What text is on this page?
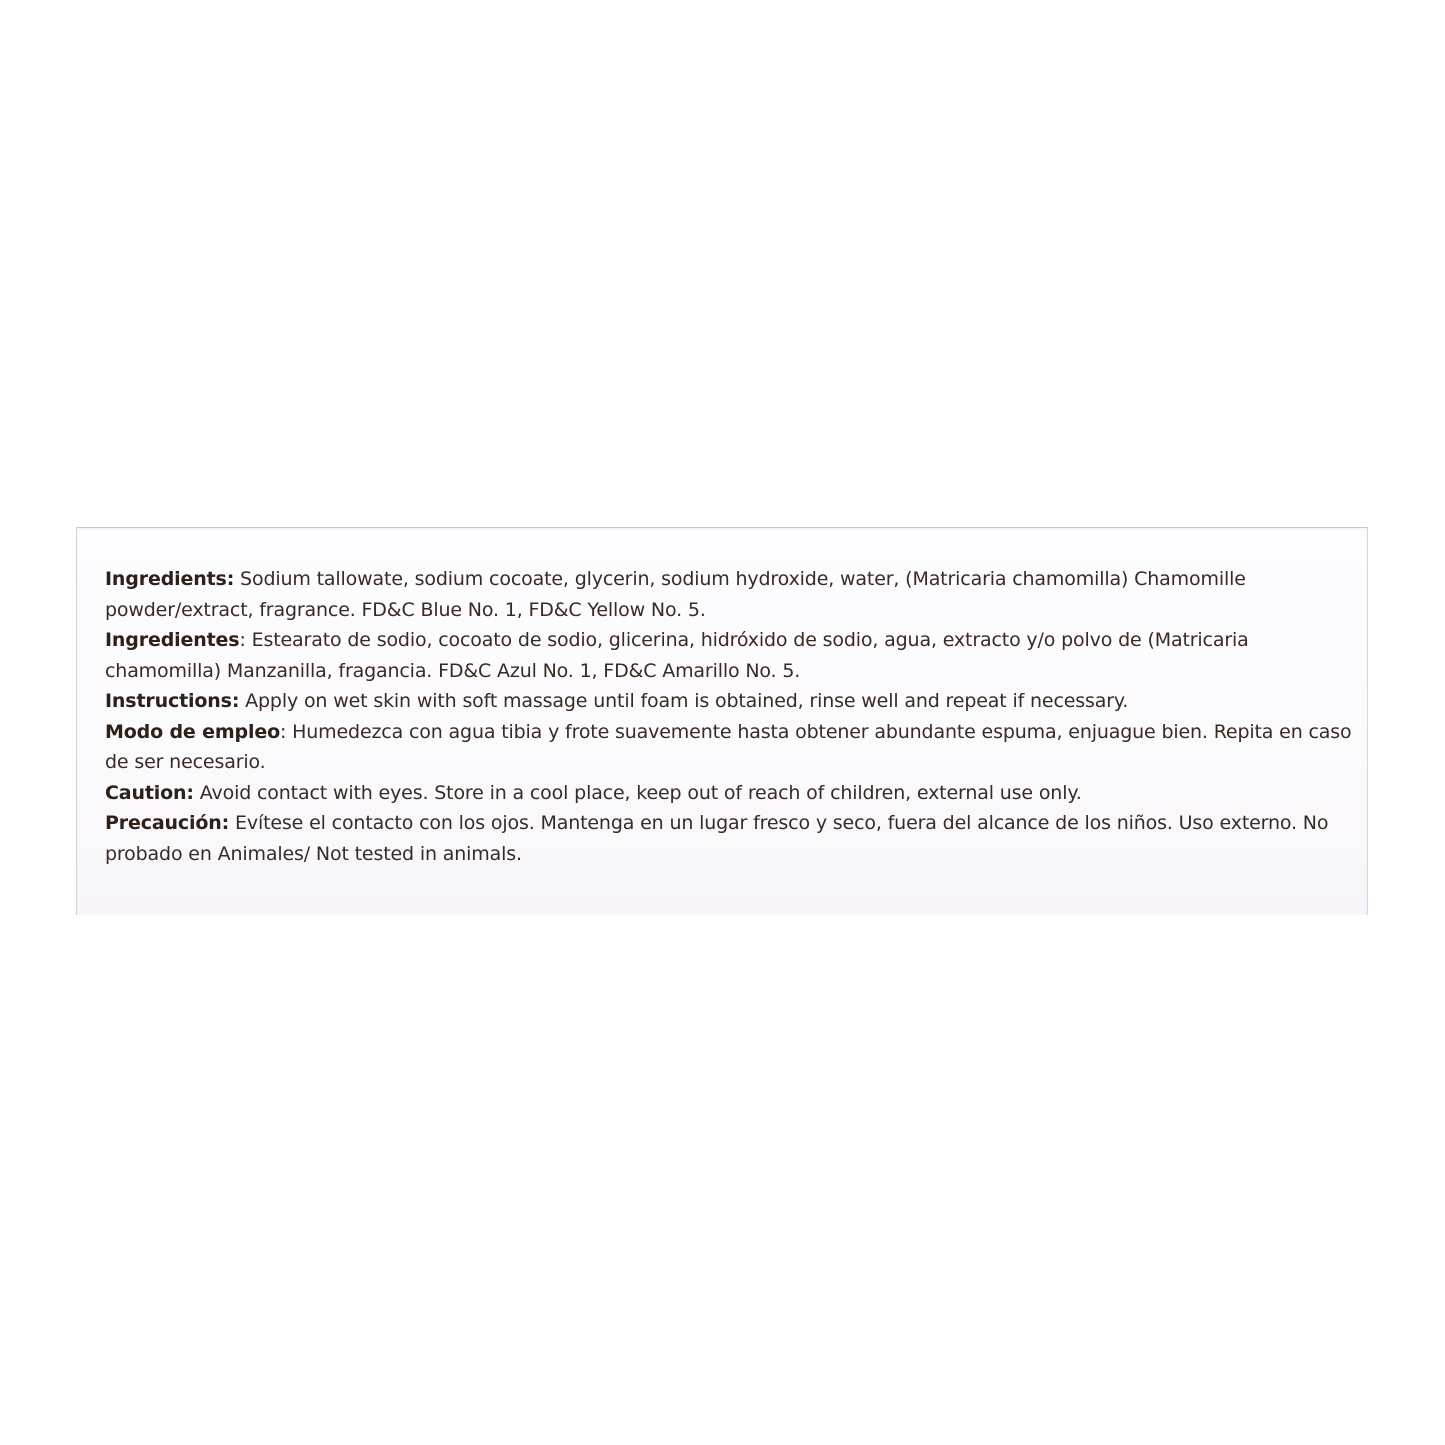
Ingredients: Sodium tallowate, sodium cocoate, glycerin, sodium hydroxide, water, (Matricaria chamomilla) Chamomille powder/extract, fragrance. FD&C Blue No. 1, FD&C Yellow No. 5.

Ingredientes: Estearato de sodio, cocoato de sodio, glicerina, hidróxido de sodio, agua, extracto y/o polvo de (Matricaria chamomilla) Manzanilla, fragancia. FD&C Azul No. 1, FD&C Amarillo No. 5.

Instructions: Apply on wet skin with soft massage until foam is obtained, rinse well and repeat if necessary.

Modo de empleo: Humedezca con agua tibia y frote suavemente hasta obtener abundante espuma, enjuague bien. Repita en caso de ser necesario.

Caution: Avoid contact with eyes. Store in a cool place, keep out of reach of children, external use only.

Precaución: Evítese el contacto con los ojos. Mantenga en un lugar fresco y seco, fuera del alcance de los niños. Uso externo. No probado en Animales/ Not tested in animals.
